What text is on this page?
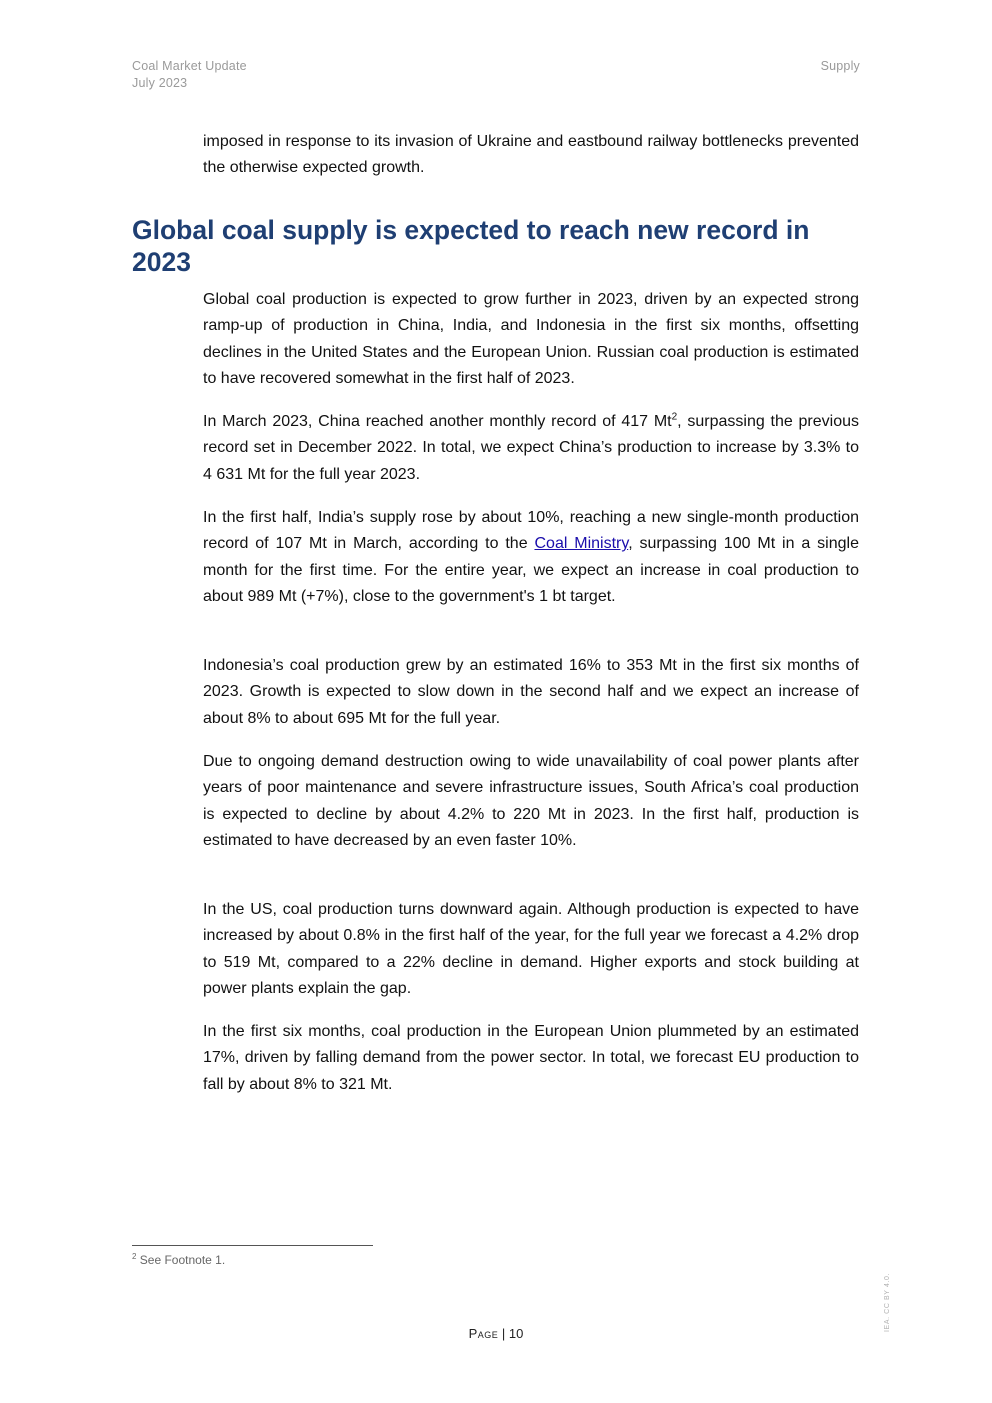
Coal Market Update
July 2023
Supply

imposed in response to its invasion of Ukraine and eastbound railway bottlenecks prevented the otherwise expected growth.

Global coal supply is expected to reach new record in 2023

Global coal production is expected to grow further in 2023, driven by an expected strong ramp-up of production in China, India, and Indonesia in the first six months, offsetting declines in the United States and the European Union. Russian coal production is estimated to have recovered somewhat in the first half of 2023.

In March 2023, China reached another monthly record of 417 Mt$^2$, surpassing the previous record set in December 2022. In total, we expect China’s production to increase by 3.3% to 4 631 Mt for the full year 2023.

In the first half, India’s supply rose by about 10%, reaching a new single-month production record of 107 Mt in March, according to the Coal Ministry, surpassing 100 Mt in a single month for the first time. For the entire year, we expect an increase in coal production to about 989 Mt (+7%), close to the government's 1 bt target.

Indonesia’s coal production grew by an estimated 16% to 353 Mt in the first six months of 2023. Growth is expected to slow down in the second half and we expect an increase of about 8% to about 695 Mt for the full year.

Due to ongoing demand destruction owing to wide unavailability of coal power plants after years of poor maintenance and severe infrastructure issues, South Africa’s coal production is expected to decline by about 4.2% to 220 Mt in 2023. In the first half, production is estimated to have decreased by an even faster 10%.

In the US, coal production turns downward again. Although production is expected to have increased by about 0.8% in the first half of the year, for the full year we forecast a 4.2% drop to 519 Mt, compared to a 22% decline in demand. Higher exports and stock building at power plants explain the gap.

In the first six months, coal production in the European Union plummeted by an estimated 17%, driven by falling demand from the power sector. In total, we forecast EU production to fall by about 8% to 321 Mt.

$^2$ See Footnote 1.
Page | 10
IEA. CC BY 4.0.
